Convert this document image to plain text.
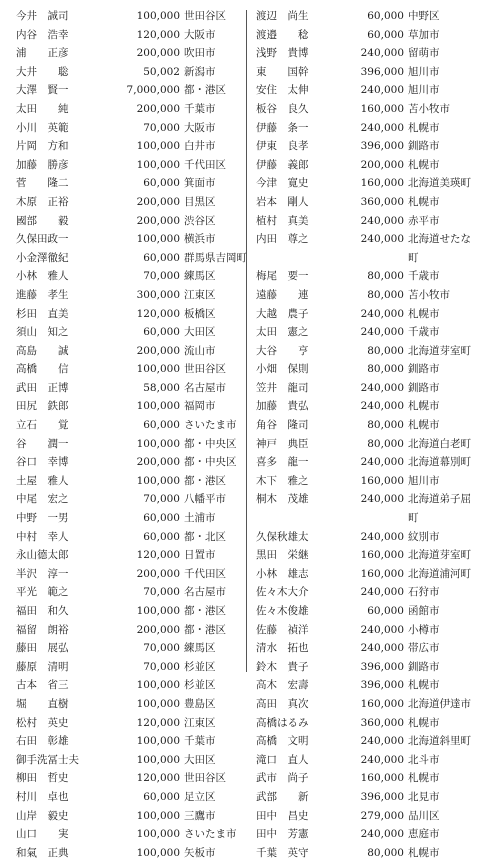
今井　誠司	100,000 世田谷区
内谷　浩幸	120,000 大阪市
浦　　正彦	200,000 吹田市
大井　　聡	50,002 新潟市
大澤　賢一	7,000,000 都・港区
太田　　純	200,000 千葉市
小川　英範	70,000 大阪市
片岡　方和	100,000 白井市
加藤　勝彦	100,000 千代田区
菅　　隆二	60,000 箕面市
木原　正裕	200,000 目黒区
國部　　毅	200,000 渋谷区
久保田政一	100,000 横浜市
小金澤徹紀	60,000 群馬県吉岡町
小林　雅人	70,000 練馬区
進藤　孝生	300,000 江東区
杉田　直美	120,000 板橋区
須山　知之	60,000 大田区
高島　　誠	200,000 流山市
高橋　　信	100,000 世田谷区
武田　正博	58,000 名古屋市
田尻　鉄郎	100,000 福岡市
立石　　覚	60,000 さいたま市
谷　　潤一	100,000 都・中央区
谷口　幸博	200,000 都・中央区
土屋　雅人	100,000 都・港区
中尾　宏之	70,000 八幡平市
中野　一男	60,000 土浦市
中村　幸人	60,000 都・北区
永山德太郎	120,000 日置市
半沢　淳一	200,000 千代田区
平光　範之	70,000 名古屋市
福田　和久	100,000 都・港区
福留　朗裕	200,000 都・港区
藤田　展弘	70,000 練馬区
藤原　清明	70,000 杉並区
古本　省三	100,000 杉並区
堀　　直樹	100,000 豊島区
松村　英史	120,000 江東区
右田　彰雄	100,000 千葉市
御手洗冨士夫	100,000 大田区
柳田　哲史	120,000 世田谷区
村川　卓也	60,000 足立区
山岸　毅史	100,000 三鷹市
山口　　実	100,000 さいたま市
和氣　正典	100,000 矢板市
渡辺　尚生	60,000 中野区
渡邉　　稔	60,000 草加市
浅野　貴博	240,000 留萌市
東　　国幹	396,000 旭川市
安住　太伸	240,000 旭川市
板谷　良久	160,000 苫小牧市
伊藤　条一	240,000 札幌市
伊東　良孝	396,000 釧路市
伊藤　義郎	200,000 札幌市
今津　寛史	160,000 北海道美瑛町
岩本　剛人	360,000 札幌市
植村　真美	240,000 赤平市
内田　尊之	240,000 北海道せたな町
梅尾　要一	80,000 千歳市
遠藤　　連	80,000 苫小牧市
大越　農子	240,000 札幌市
太田　憲之	240,000 千歳市
大谷　　亨	80,000 北海道芽室町
小畑　保則	80,000 釧路市
笠井　龍司	240,000 釧路市
加藤　貴弘	240,000 札幌市
角谷　隆司	80,000 札幌市
神戸　典臣	80,000 北海道白老町
喜多　龍一	240,000 北海道幕別町
木下　雅之	160,000 旭川市
桐木　茂雄	240,000 北海道弟子屈町
久保秋雄太	240,000 紋別市
黒田　栄継	160,000 北海道芽室町
小林　雄志	160,000 北海道浦河町
佐々木大介	240,000 石狩市
佐々木俊雄	60,000 函館市
佐藤　禎洋	240,000 小樽市
清水　拓也	240,000 帯広市
鈴木　貴子	396,000 釧路市
高木　宏壽	396,000 札幌市
高田　真次	160,000 北海道伊達市
高橋はるみ	360,000 札幌市
高橋　文明	240,000 北海道斜里町
滝口　直人	240,000 北斗市
武市　尚子	160,000 札幌市
武部　　新	396,000 北見市
田中　昌史	279,000 品川区
田中　芳憲	240,000 恵庭市
千葉　英守	80,000 札幌市
